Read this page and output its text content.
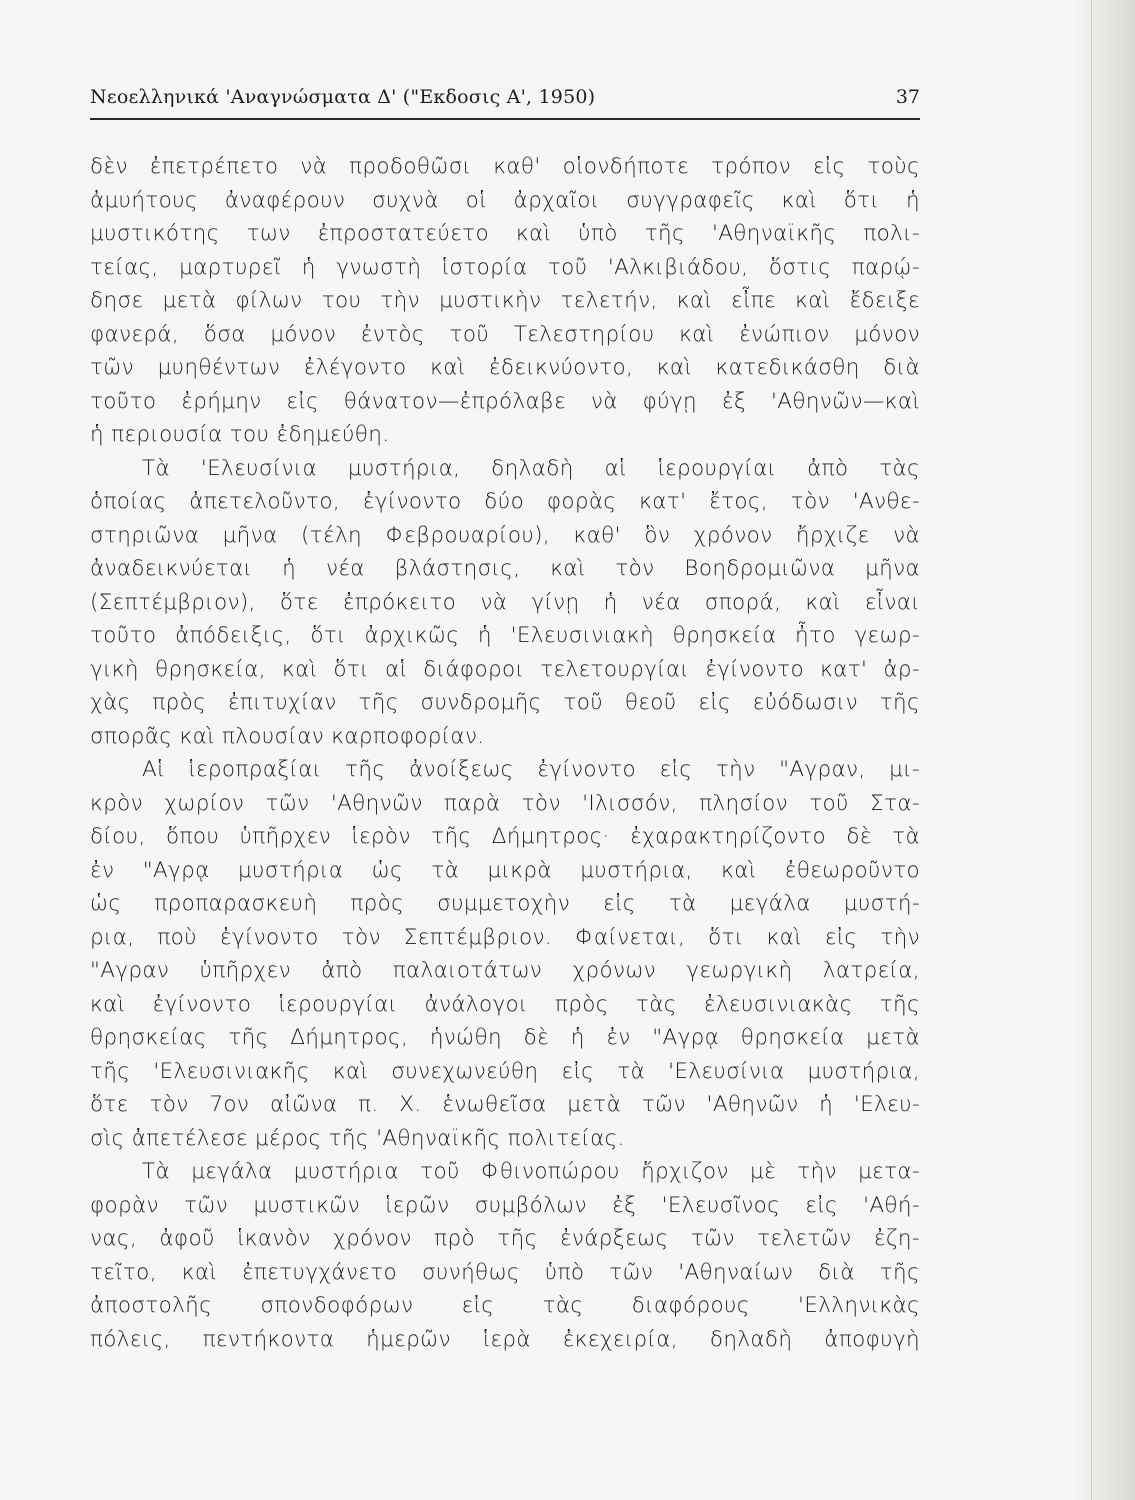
Νεοελληνικά 'Αναγνώσματα Δ' ("Εκδοσις Α', 1950)	37
δὲν ἐπετρέπετο νὰ προδοθῶσι καθ' οἱονδήποτε τρόπον εἰς τοὺς
ἀμυήτους ἀναφέρουν συχνὰ οἱ ἀρχαῖοι συγγραφεῖς καὶ ὅτι ἡ
μυστικότης των ἐπροστατεύετο καὶ ὑπὸ τῆς 'Αθηναϊκῆς πολι-
τείας, μαρτυρεῖ ἡ γνωστὴ ἱστορία τοῦ 'Αλκιβιάδου, ὅστις παρῴ-
δησε μετὰ φίλων του τὴν μυστικὴν τελετήν, καὶ εἶπε καὶ ἔδειξε
φανερά, ὅσα μόνον ἐντὸς τοῦ Τελεστηρίου καὶ ἐνώπιον μόνον
τῶν μυηθέντων ἐλέγοντο καὶ ἐδεικνύοντο, καὶ κατεδικάσθη διὰ
τοῦτο ἐρήμην εἰς θάνατον—ἐπρόλαβε νὰ φύγῃ ἐξ 'Αθηνῶν—καὶ
ἡ περιουσία του ἐδημεύθη.
Τὰ 'Ελευσίνια μυστήρια, δηλαδὴ αἱ ἱερουργίαι ἀπὸ τὰς
ὁποίας ἀπετελοῦντο, ἐγίνοντο δύο φορὰς κατ' ἔτος, τὸν 'Ανθε-
στηριῶνα μῆνα (τέλη Φεβρουαρίου), καθ' ὃν χρόνον ἤρχιζε νὰ
ἀναδεικνύεται ἡ νέα βλάστησις, καὶ τὸν Βοηδρομιῶνα μῆνα
(Σεπτέμβριον), ὅτε ἐπρόκειτο νὰ γίνῃ ἡ νέα σπορά, καὶ εἶναι
τοῦτο ἀπόδειξις, ὅτι ἀρχικῶς ἡ 'Ελευσινιακὴ θρησκεία ἦτο γεωρ-
γικὴ θρησκεία, καὶ ὅτι αἱ διάφοροι τελετουργίαι ἐγίνοντο κατ' ἀρ-
χὰς πρὸς ἐπιτυχίαν τῆς συνδρομῆς τοῦ θεοῦ εἰς εὐόδωσιν τῆς
σπορᾶς καὶ πλουσίαν καρποφορίαν.
Αἱ ἱεροπραξίαι τῆς ἀνοίξεως ἐγίνοντο εἰς τὴν "Αγραν, μι-
κρὸν χωρίον τῶν 'Αθηνῶν παρὰ τὸν 'Ιλισσόν, πλησίον τοῦ Στα-
δίου, ὅπου ὑπῆρχεν ἱερὸν τῆς Δήμητρος· ἐχαρακτηρίζοντο δὲ τὰ
ἐν "Αγρᾳ μυστήρια ὡς τὰ μικρὰ μυστήρια, καὶ ἐθεωροῦντο
ὡς προπαρασκευὴ πρὸς συμμετοχὴν εἰς τὰ μεγάλα μυστή-
ρια, ποὺ ἐγίνοντο τὸν Σεπτέμβριον. Φαίνεται, ὅτι καὶ εἰς τὴν
"Αγραν ὑπῆρχεν ἀπὸ παλαιοτάτων χρόνων γεωργικὴ λατρεία,
καὶ ἐγίνοντο ἱερουργίαι ἀνάλογοι πρὸς τὰς ἐλευσινιακὰς τῆς
θρησκείας τῆς Δήμητρος, ἡνώθη δὲ ἡ ἐν "Αγρᾳ θρησκεία μετὰ
τῆς 'Ελευσινιακῆς καὶ συνεχωνεύθη εἰς τὰ 'Ελευσίνια μυστήρια,
ὅτε τὸν 7ον αἰῶνα π. Χ. ἑνωθεῖσα μετὰ τῶν 'Αθηνῶν ἡ 'Ελευ-
σὶς ἀπετέλεσε μέρος τῆς 'Αθηναϊκῆς πολιτείας.
Τὰ μεγάλα μυστήρια τοῦ Φθινοπώρου ἤρχιζον μὲ τὴν μετα-
φορὰν τῶν μυστικῶν ἱερῶν συμβόλων ἐξ 'Ελευσῖνος εἰς 'Αθή-
νας, ἀφοῦ ἱκανὸν χρόνον πρὸ τῆς ἐνάρξεως τῶν τελετῶν ἐζη-
τεῖτο, καὶ ἐπετυγχάνετο συνήθως ὑπὸ τῶν 'Αθηναίων διὰ τῆς
ἀποστολῆς σπονδοφόρων εἰς τὰς διαφόρους 'Ελληνικὰς
πόλεις, πεντήκοντα ἡμερῶν ἱερὰ ἐκεχειρία, δηλαδὴ ἀποφυγὴ
